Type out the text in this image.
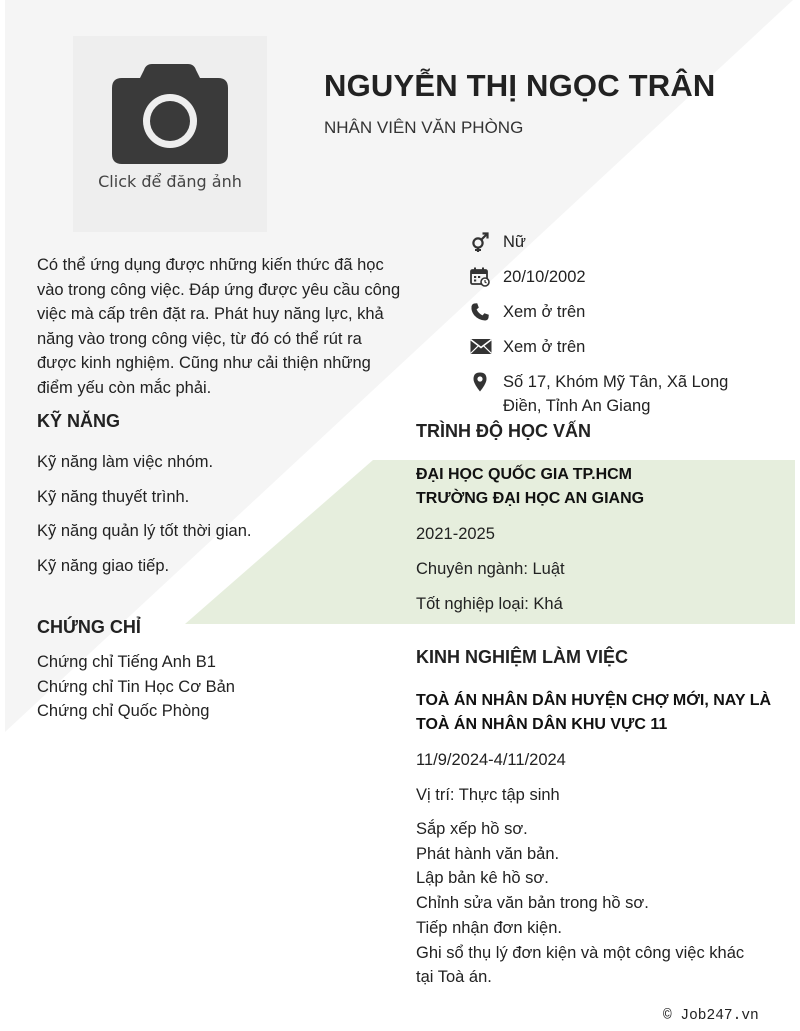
Click để đăng ảnh
NGUYỄN THỊ NGỌC TRÂN
NHÂN VIÊN VĂN PHÒNG
Có thể ứng dụng được những kiến thức đã học
vào trong công việc. Đáp ứng được yêu cầu công
việc mà cấp trên đặt ra. Phát huy năng lực, khả
năng vào trong công việc, từ đó có thể rút ra
được kinh nghiệm. Cũng như cải thiện những
điểm yếu còn mắc phải.
Nữ
20/10/2002
Xem ở trên
Xem ở trên
Số 17, Khóm Mỹ Tân, Xã Long
Điền, Tỉnh An Giang
KỸ NĂNG
Kỹ năng làm việc nhóm.
Kỹ năng thuyết trình.
Kỹ năng quản lý tốt thời gian.
Kỹ năng giao tiếp.
CHỨNG CHỈ
Chứng chỉ Tiếng Anh B1
Chứng chỉ Tin Học Cơ Bản
Chứng chỉ Quốc Phòng
TRÌNH ĐỘ HỌC VẤN
ĐẠI HỌC QUỐC GIA TP.HCM
TRƯỜNG ĐẠI HỌC AN GIANG
2021-2025
Chuyên ngành: Luật
Tốt nghiệp loại: Khá
KINH NGHIỆM LÀM VIỆC
TOÀ ÁN NHÂN DÂN HUYỆN CHỢ MỚI, NAY LÀ
TOÀ ÁN NHÂN DÂN KHU VỰC 11
11/9/2024-4/11/2024
Vị trí: Thực tập sinh
Sắp xếp hồ sơ.
Phát hành văn bản.
Lập bản kê hồ sơ.
Chỉnh sửa văn bản trong hồ sơ.
Tiếp nhận đơn kiện.
Ghi sổ thụ lý đơn kiện và một công việc khác
tại Toà án.
© Job247.vn
